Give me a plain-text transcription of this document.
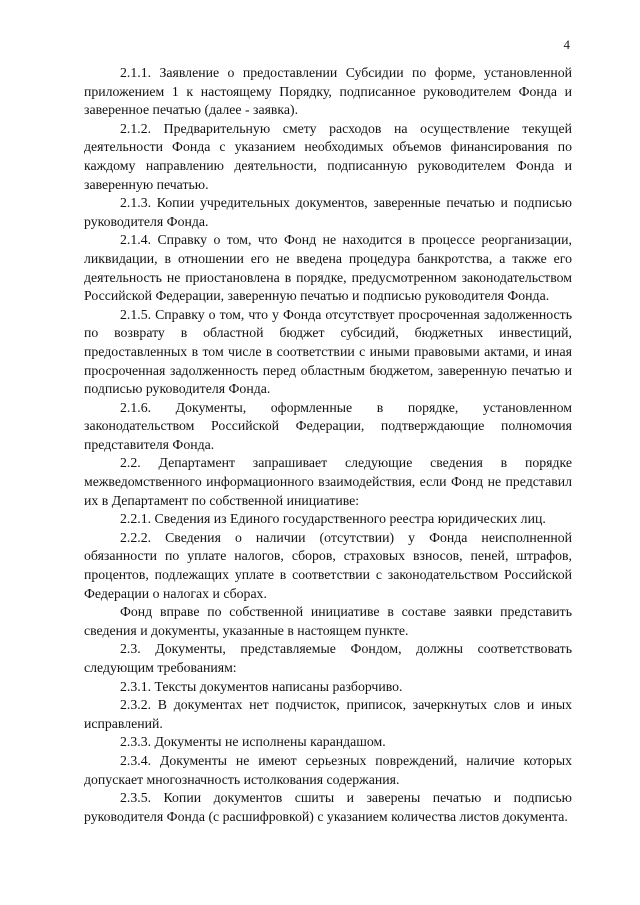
4

2.1.1. Заявление о предоставлении Субсидии по форме, установленной приложением 1 к настоящему Порядку, подписанное руководителем Фонда и заверенное печатью (далее - заявка).

2.1.2. Предварительную смету расходов на осуществление текущей деятельности Фонда с указанием необходимых объемов финансирования по каждому направлению деятельности, подписанную руководителем Фонда и заверенную печатью.

2.1.3. Копии учредительных документов, заверенные печатью и подписью руководителя Фонда.

2.1.4. Справку о том, что Фонд не находится в процессе реорганизации, ликвидации, в отношении его не введена процедура банкротства, а также его деятельность не приостановлена в порядке, предусмотренном законодательством Российской Федерации, заверенную печатью и подписью руководителя Фонда.

2.1.5. Справку о том, что у Фонда отсутствует просроченная задолженность по возврату в областной бюджет субсидий, бюджетных инвестиций, предоставленных в том числе в соответствии с иными правовыми актами, и иная просроченная задолженность перед областным бюджетом, заверенную печатью и подписью руководителя Фонда.

2.1.6. Документы, оформленные в порядке, установленном законодательством Российской Федерации, подтверждающие полномочия представителя Фонда.

2.2. Департамент запрашивает следующие сведения в порядке межведомственного информационного взаимодействия, если Фонд не представил их в Департамент по собственной инициативе:

2.2.1. Сведения из Единого государственного реестра юридических лиц.

2.2.2. Сведения о наличии (отсутствии) у Фонда неисполненной обязанности по уплате налогов, сборов, страховых взносов, пеней, штрафов, процентов, подлежащих уплате в соответствии с законодательством Российской Федерации о налогах и сборах.

Фонд вправе по собственной инициативе в составе заявки представить сведения и документы, указанные в настоящем пункте.

2.3. Документы, представляемые Фондом, должны соответствовать следующим требованиям:

2.3.1. Тексты документов написаны разборчиво.

2.3.2. В документах нет подчисток, приписок, зачеркнутых слов и иных исправлений.

2.3.3. Документы не исполнены карандашом.

2.3.4. Документы не имеют серьезных повреждений, наличие которых допускает многозначность истолкования содержания.

2.3.5. Копии документов сшиты и заверены печатью и подписью руководителя Фонда (с расшифровкой) с указанием количества листов документа.
